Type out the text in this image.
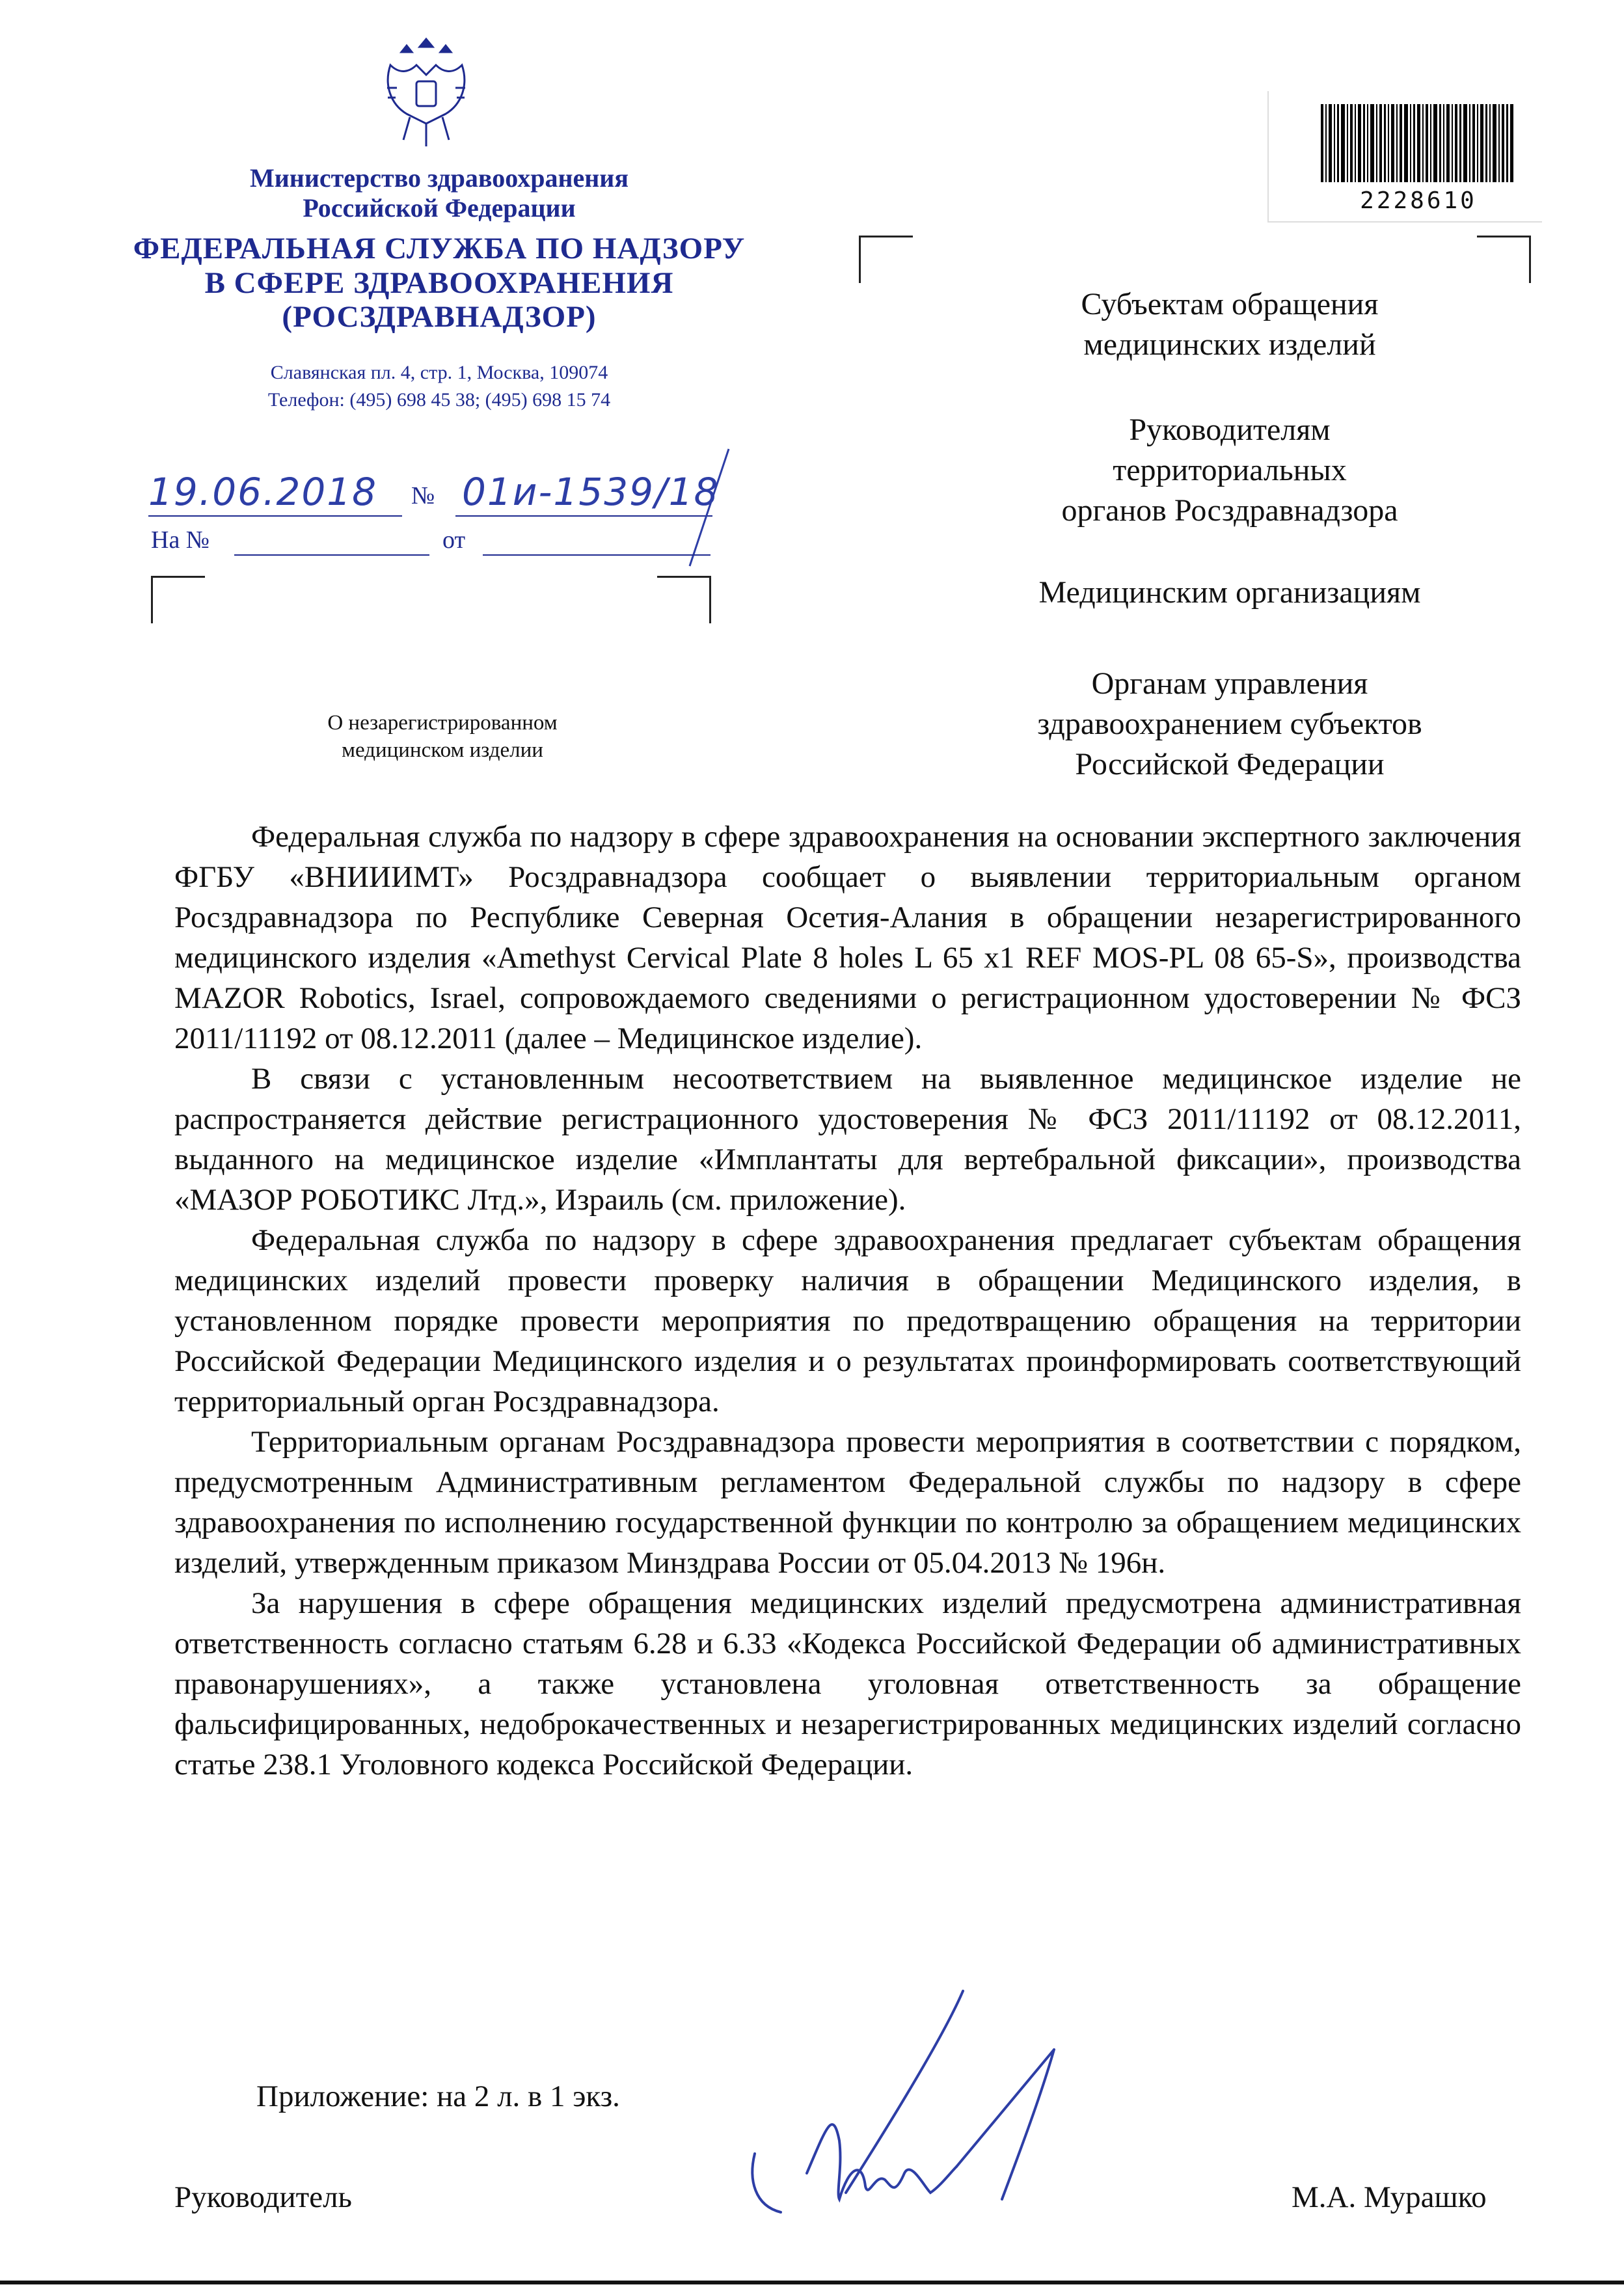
Министерство здравоохранения
Российской Федерации
ФЕДЕРАЛЬНАЯ СЛУЖБА ПО НАДЗОРУ
В СФЕРЕ ЗДРАВООХРАНЕНИЯ
(РОСЗДРАВНАДЗОР)
Славянская пл. 4, стр. 1, Москва, 109074
Телефон: (495) 698 45 38; (495) 698 15 74
19.06.2018 № 01и-1539/18
На №	от
2228610
О незарегистрированном
медицинском изделии
Субъектам обращения
медицинских изделий
Руководителям
территориальных
органов Росздравнадзора
Медицинским организациям
Органам управления
здравоохранением субъектов
Российской Федерации

Федеральная служба по надзору в сфере здравоохранения на основании экспертного заключения ФГБУ «ВНИИИМТ» Росздравнадзора сообщает о выявлении территориальным органом Росздравнадзора по Республике Северная Осетия-Алания в обращении незарегистрированного медицинского изделия «Amethyst Cervical Plate 8 holes L 65 x1 REF MOS-PL 08 65-S», производства MAZOR Robotics, Israel, сопровождаемого сведениями о регистрационном удостоверении № ФСЗ 2011/11192 от 08.12.2011 (далее – Медицинское изделие).

В связи с установленным несоответствием на выявленное медицинское изделие не распространяется действие регистрационного удостоверения № ФСЗ 2011/11192 от 08.12.2011, выданного на медицинское изделие «Имплантаты для вертебральной фиксации», производства «МАЗОР РОБОТИКС Лтд.», Израиль (см. приложение).

Федеральная служба по надзору в сфере здравоохранения предлагает субъектам обращения медицинских изделий провести проверку наличия в обращении Медицинского изделия, в установленном порядке провести мероприятия по предотвращению обращения на территории Российской Федерации Медицинского изделия и о результатах проинформировать соответствующий территориальный орган Росздравнадзора.

Территориальным органам Росздравнадзора провести мероприятия в соответствии с порядком, предусмотренным Административным регламентом Федеральной службы по надзору в сфере здравоохранения по исполнению государственной функции по контролю за обращением медицинских изделий, утвержденным приказом Минздрава России от 05.04.2013 № 196н.

За нарушения в сфере обращения медицинских изделий предусмотрена административная ответственность согласно статьям 6.28 и 6.33 «Кодекса Российской Федерации об административных правонарушениях», а также установлена уголовная ответственность за обращение фальсифицированных, недоброкачественных и незарегистрированных медицинских изделий согласно статье 238.1 Уголовного кодекса Российской Федерации.

Приложение: на 2 л. в 1 экз.
Руководитель	М.А. Мурашко
